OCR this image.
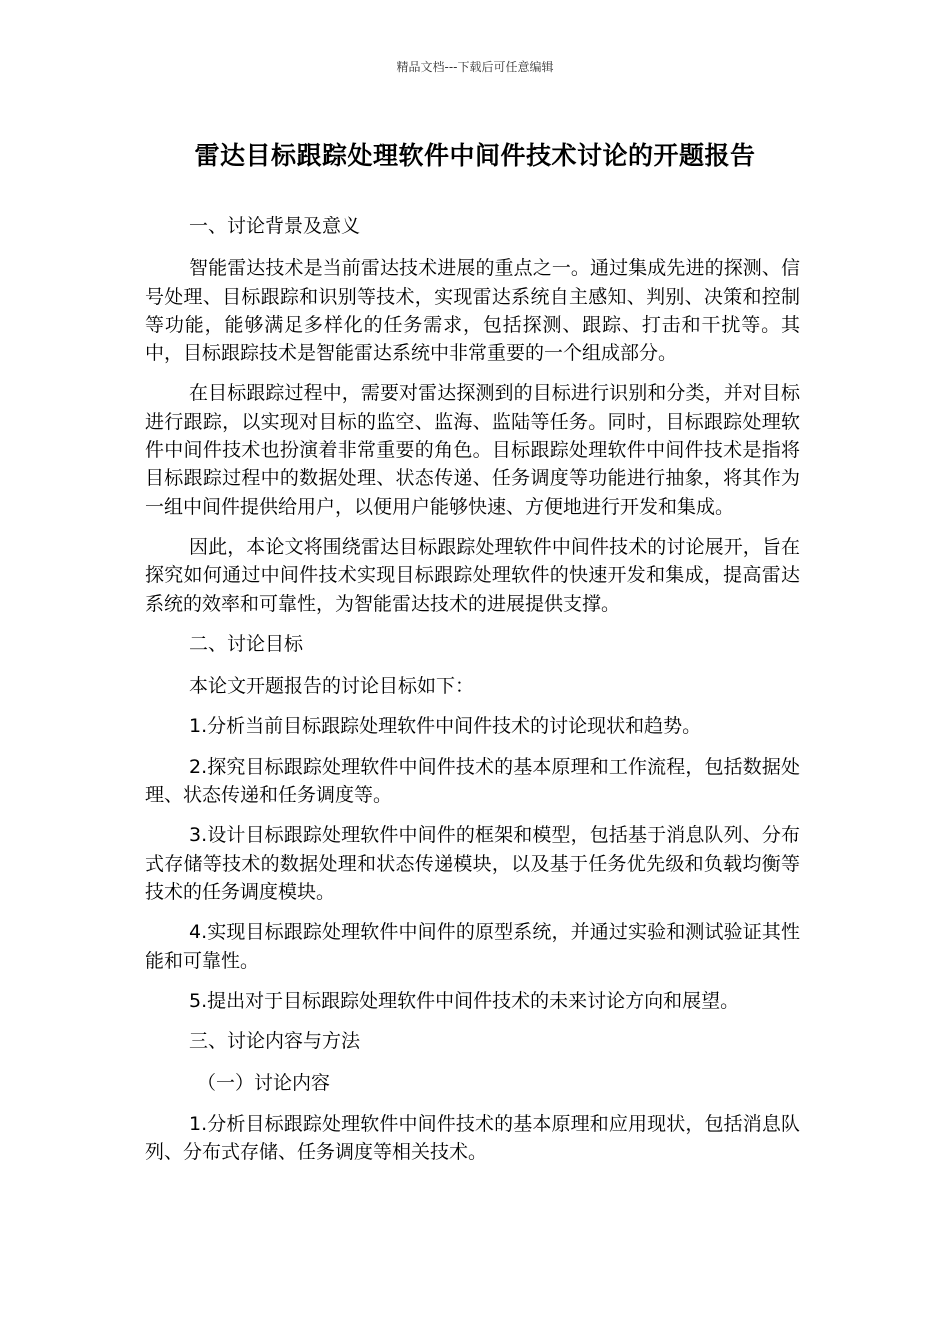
精品文档---下载后可任意编辑
雷达目标跟踪处理软件中间件技术讨论的开题报告

一、讨论背景及意义

智能雷达技术是当前雷达技术进展的重点之一。通过集成先进的探测、信号处理、目标跟踪和识别等技术，实现雷达系统自主感知、判别、决策和控制等功能，能够满足多样化的任务需求，包括探测、跟踪、打击和干扰等。其中，目标跟踪技术是智能雷达系统中非常重要的一个组成部分。

在目标跟踪过程中，需要对雷达探测到的目标进行识别和分类，并对目标进行跟踪，以实现对目标的监空、监海、监陆等任务。同时，目标跟踪处理软件中间件技术也扮演着非常重要的角色。目标跟踪处理软件中间件技术是指将目标跟踪过程中的数据处理、状态传递、任务调度等功能进行抽象，将其作为一组中间件提供给用户，以便用户能够快速、方便地进行开发和集成。

因此，本论文将围绕雷达目标跟踪处理软件中间件技术的讨论展开，旨在探究如何通过中间件技术实现目标跟踪处理软件的快速开发和集成，提高雷达系统的效率和可靠性，为智能雷达技术的进展提供支撑。

二、讨论目标

本论文开题报告的讨论目标如下：

1.分析当前目标跟踪处理软件中间件技术的讨论现状和趋势。

2.探究目标跟踪处理软件中间件技术的基本原理和工作流程，包括数据处理、状态传递和任务调度等。

3.设计目标跟踪处理软件中间件的框架和模型，包括基于消息队列、分布式存储等技术的数据处理和状态传递模块，以及基于任务优先级和负载均衡等技术的任务调度模块。

4.实现目标跟踪处理软件中间件的原型系统，并通过实验和测试验证其性能和可靠性。

5.提出对于目标跟踪处理软件中间件技术的未来讨论方向和展望。

三、讨论内容与方法

（一）讨论内容

1.分析目标跟踪处理软件中间件技术的基本原理和应用现状，包括消息队列、分布式存储、任务调度等相关技术。
